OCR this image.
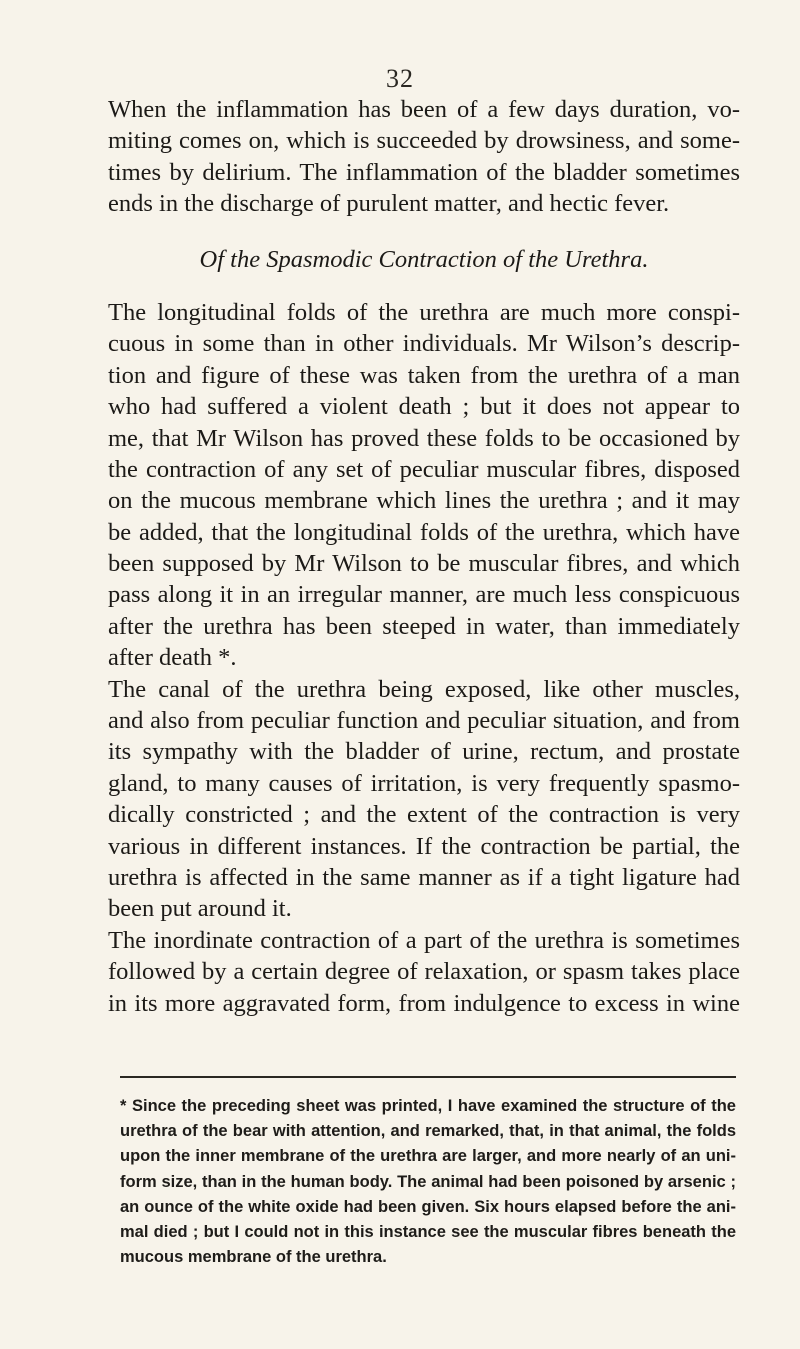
32
When the inflammation has been of a few days duration, vo-
miting comes on, which is succeeded by drowsiness, and some-
times by delirium. The inflammation of the bladder sometimes
ends in the discharge of purulent matter, and hectic fever.
Of the Spasmodic Contraction of the Urethra.
The longitudinal folds of the urethra are much more conspi-
cuous in some than in other individuals. Mr Wilson’s descrip-
tion and figure of these was taken from the urethra of a man
who had suffered a violent death ; but it does not appear to
me, that Mr Wilson has proved these folds to be occasioned by
the contraction of any set of peculiar muscular fibres, disposed
on the mucous membrane which lines the urethra ; and it may
be added, that the longitudinal folds of the urethra, which have
been supposed by Mr Wilson to be muscular fibres, and which
pass along it in an irregular manner, are much less conspicuous
after the urethra has been steeped in water, than immediately
after death *.
The canal of the urethra being exposed, like other muscles,
and also from peculiar function and peculiar situation, and from
its sympathy with the bladder of urine, rectum, and prostate
gland, to many causes of irritation, is very frequently spasmo-
dically constricted ; and the extent of the contraction is very
various in different instances. If the contraction be partial, the
urethra is affected in the same manner as if a tight ligature had
been put around it.
The inordinate contraction of a part of the urethra is sometimes
followed by a certain degree of relaxation, or spasm takes place
in its more aggravated form, from indulgence to excess in wine
* Since the preceding sheet was printed, I have examined the structure of the
urethra of the bear with attention, and remarked, that, in that animal, the folds
upon the inner membrane of the urethra are larger, and more nearly of an uni-
form size, than in the human body. The animal had been poisoned by arsenic ;
an ounce of the white oxide had been given. Six hours elapsed before the ani-
mal died ; but I could not in this instance see the muscular fibres beneath the
mucous membrane of the urethra.
